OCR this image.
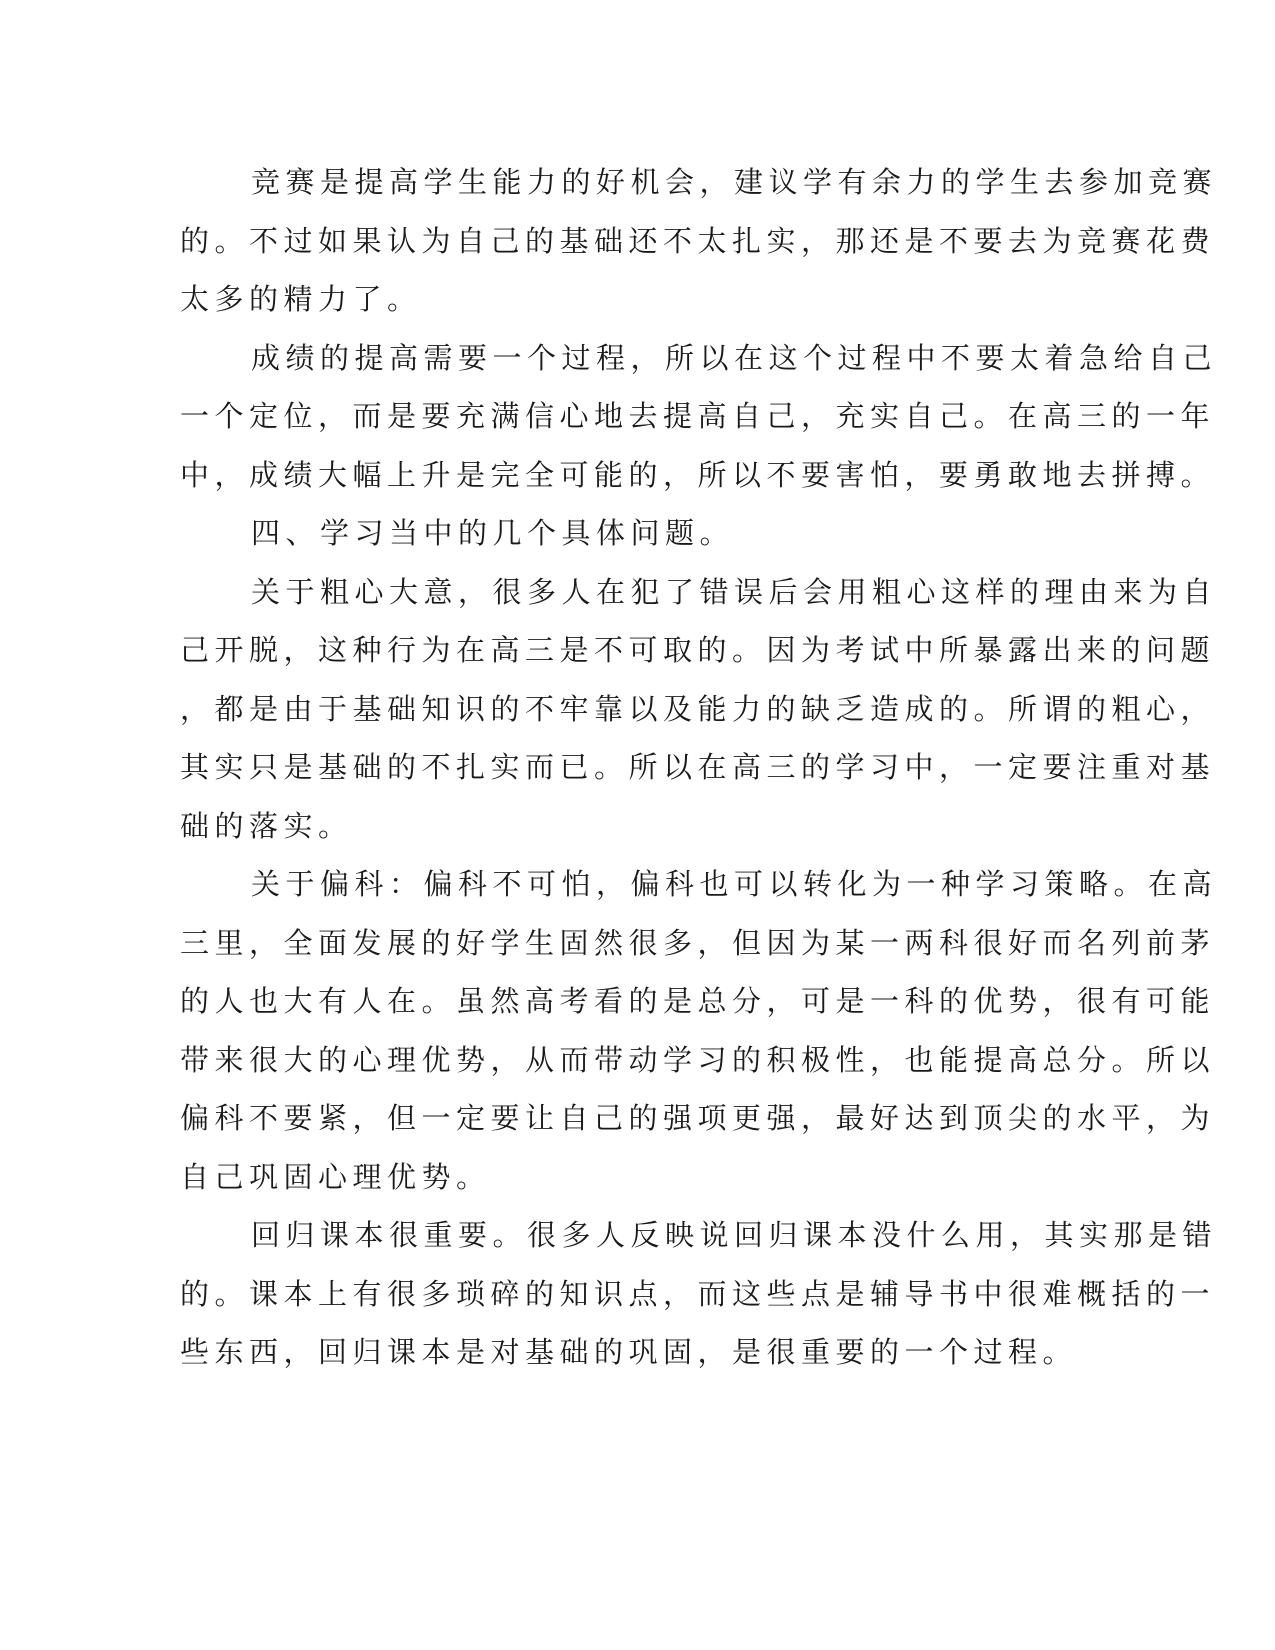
竞赛是提高学生能力的好机会，建议学有余力的学生去参加竞赛
的。不过如果认为自己的基础还不太扎实，那还是不要去为竞赛花费
太多的精力了。
成绩的提高需要一个过程，所以在这个过程中不要太着急给自己
一个定位，而是要充满信心地去提高自己，充实自己。在高三的一年
中，成绩大幅上升是完全可能的，所以不要害怕，要勇敢地去拼搏。
四、学习当中的几个具体问题。
关于粗心大意，很多人在犯了错误后会用粗心这样的理由来为自
己开脱，这种行为在高三是不可取的。因为考试中所暴露出来的问题
，都是由于基础知识的不牢靠以及能力的缺乏造成的。所谓的粗心，
其实只是基础的不扎实而已。所以在高三的学习中，一定要注重对基
础的落实。
关于偏科：偏科不可怕，偏科也可以转化为一种学习策略。在高
三里，全面发展的好学生固然很多，但因为某一两科很好而名列前茅
的人也大有人在。虽然高考看的是总分，可是一科的优势，很有可能
带来很大的心理优势，从而带动学习的积极性，也能提高总分。所以
偏科不要紧，但一定要让自己的强项更强，最好达到顶尖的水平，为
自己巩固心理优势。
回归课本很重要。很多人反映说回归课本没什么用，其实那是错
的。课本上有很多琐碎的知识点，而这些点是辅导书中很难概括的一
些东西，回归课本是对基础的巩固，是很重要的一个过程。
